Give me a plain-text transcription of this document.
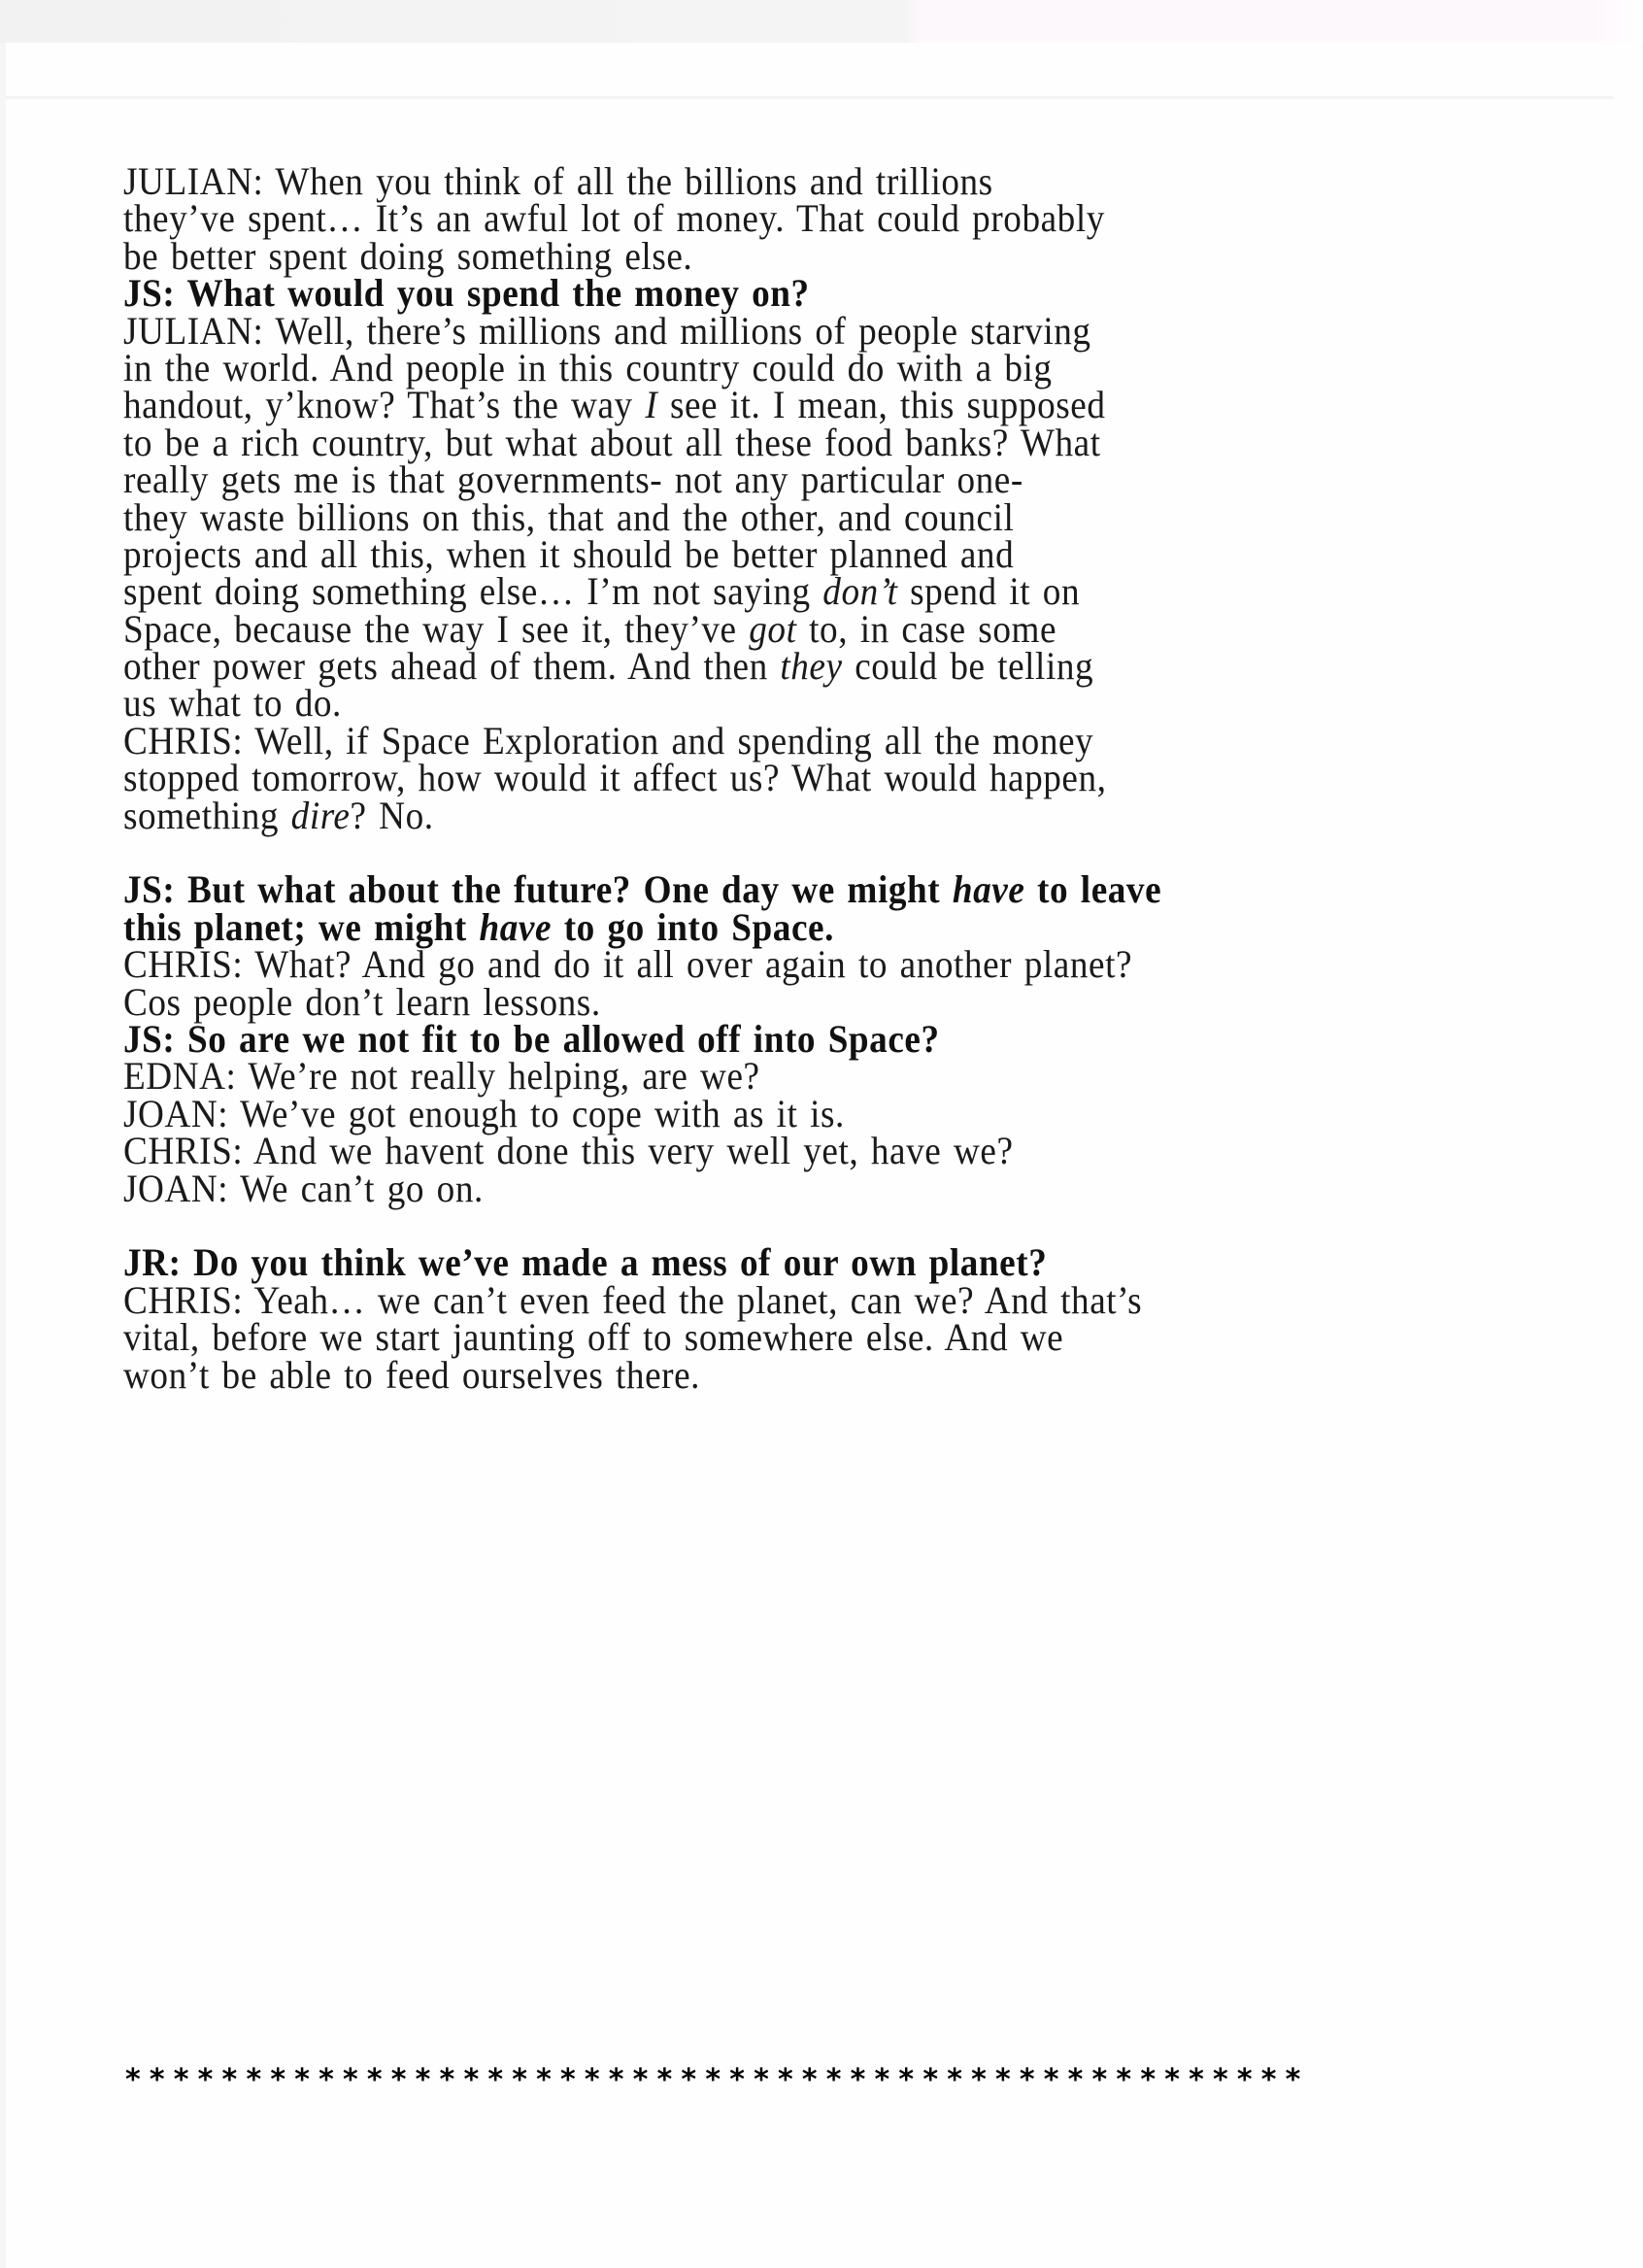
JULIAN: When you think of all the billions and trillions
they’ve spent… It’s an awful lot of money. That could probably
be better spent doing something else.
JS: What would you spend the money on?
JULIAN: Well, there’s millions and millions of people starving
in the world. And people in this country could do with a big
handout, y’know? That’s the way I see it. I mean, this supposed
to be a rich country, but what about all these food banks? What
really gets me is that governments- not any particular one-
they waste billions on this, that and the other, and council
projects and all this, when it should be better planned and
spent doing something else… I’m not saying don’t spend it on
Space, because the way I see it, they’ve got to, in case some
other power gets ahead of them. And then they could be telling
us what to do.
CHRIS: Well, if Space Exploration and spending all the money
stopped tomorrow, how would it affect us? What would happen,
something dire? No.
JS: But what about the future? One day we might have to leave
this planet; we might have to go into Space.
CHRIS: What? And go and do it all over again to another planet?
Cos people don’t learn lessons.
JS: So are we not fit to be allowed off into Space?
EDNA: We’re not really helping, are we?
JOAN: We’ve got enough to cope with as it is.
CHRIS: And we havent done this very well yet, have we?
JOAN: We can’t go on.
JR: Do you think we’ve made a mess of our own planet?
CHRIS: Yeah… we can’t even feed the planet, can we? And that’s
vital, before we start jaunting off to somewhere else. And we
won’t be able to feed ourselves there.
*************************************************
